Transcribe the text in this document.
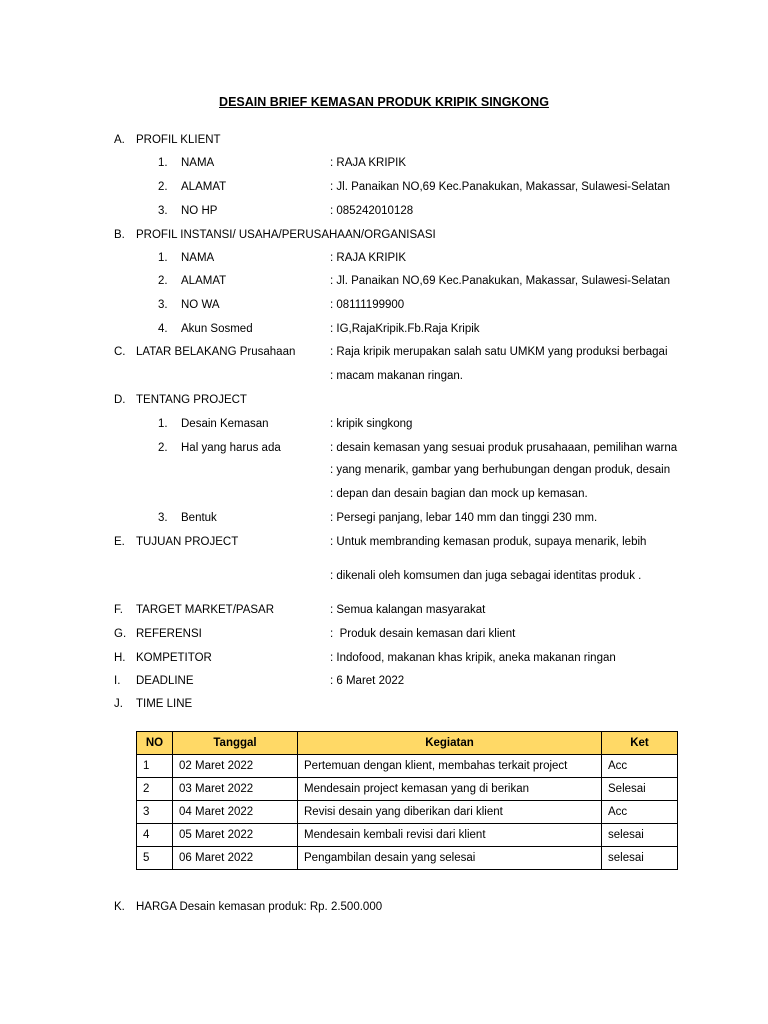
DESAIN BRIEF KEMASAN PRODUK KRIPIK SINGKONG
A. PROFIL KLIENT
1. NAMA	: RAJA KRIPIK
2. ALAMAT	: Jl. Panaikan NO,69 Kec.Panakukan, Makassar, Sulawesi-Selatan
3. NO HP	: 085242010128
B. PROFIL INSTANSI/ USAHA/PERUSAHAAN/ORGANISASI
1. NAMA	: RAJA KRIPIK
2. ALAMAT	: Jl. Panaikan NO,69 Kec.Panakukan, Makassar, Sulawesi-Selatan
3. NO WA	: 08111199900
4. Akun Sosmed	: IG,RajaKripik.Fb.Raja Kripik
C. LATAR BELAKANG Prusahaan	: Raja kripik merupakan salah satu UMKM yang produksi berbagai
: macam makanan ringan.
D. TENTANG PROJECT
1. Desain Kemasan	: kripik singkong
2. Hal yang harus ada	: desain kemasan yang sesuai produk prusahaaan, pemilihan warna
: yang menarik, gambar yang berhubungan dengan produk, desain
: depan dan desain bagian dan mock up kemasan.
3. Bentuk	: Persegi panjang, lebar 140 mm dan tinggi 230 mm.
E. TUJUAN PROJECT	: Untuk membranding kemasan produk, supaya menarik, lebih
: dikenali oleh komsumen dan juga sebagai identitas produk .
F. TARGET MARKET/PASAR	: Semua kalangan masyarakat
G. REFERENSI	:  Produk desain kemasan dari klient
H. KOMPETITOR	: Indofood, makanan khas kripik, aneka makanan ringan
I. DEADLINE	: 6 Maret 2022
J. TIME LINE
NO	Tanggal	Kegiatan	Ket
1	02 Maret 2022	Pertemuan dengan klient, membahas terkait project	Acc
2	03 Maret 2022	Mendesain project kemasan yang di berikan	Selesai
3	04 Maret 2022	Revisi desain yang diberikan dari klient	Acc
4	05 Maret 2022	Mendesain kembali revisi dari klient	selesai
5	06 Maret 2022	Pengambilan desain yang selesai	selesai
K. HARGA Desain kemasan produk: Rp. 2.500.000
